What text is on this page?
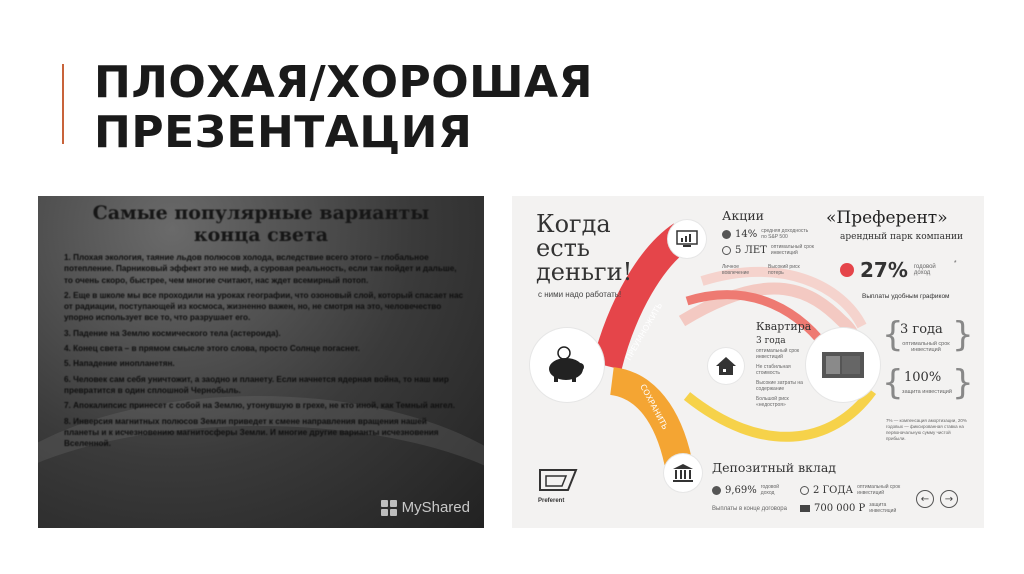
ПЛОХАЯ/ХОРОШАЯ
ПРЕЗЕНТАЦИЯ
Самые популярные варианты
конца света

1. Плохая экология, таяние льдов полюсов холода, вследствие всего этого – глобальное потепление. Парниковый эффект это не миф, а суровая реальность, если так пойдет и дальше, то очень скоро, быстрее, чем многие считают, нас ждет всемирный потоп.

2. Еще в школе мы все проходили на уроках географии, что озоновый слой, который спасает нас от радиации, поступающей из космоса, жизненно важен, но, не смотря на это, человечество упорно использует все то, что разрушает его.

3. Падение на Землю космического тела (астероида).

4. Конец света – в прямом смысле этого слова, просто Солнце погаснет.

5. Нападение инопланетян.

6. Человек сам себя уничтожит, а заодно и планету. Если начнется ядерная война, то наш мир превратится в один сплошной Чернобыль.

7. Апокалипсис принесет с собой на Землю, утонувшую в грехе, не кто иной, как Темный ангел.

8. Инверсия магнитных полюсов Земли приведет к смене направления вращения нашей планеты и к исчезновению магнитосферы Земли. И многие другие варианты исчезновения Вселенной.

MyShared
ПРЕУМНОЖИТЬ
СОХРАНИТЬ
Когда
есть
деньги!
с ними надо работать!
Акции
14% средняя доходность по S&P 500
5 ЛЕТ оптимальный срок инвестиций
Личное вовлечение
Высокий риск потерь
«Преферент»
арендный парк компании
27% годовой доход
*
Выплаты удобным графиком
Квартира
3 года
оптимальный срок инвестиций
Не стабильная стоимость
Высокие затраты на содержание
Большой риск «недостроя»
{
3 года
оптимальный срок инвестиций }
{ 100%
защита инвестиций }
7% — компенсация амортизации, 20% годовых — фиксированная ставка на первоначальную сумму чистой прибыли.
Депозитный вклад
9,69% годовой доход	2 ГОДА оптимальный срок инвестиций
Выплаты в конце договора	700 000 Р защита инвестиций
Preferent	←	→
